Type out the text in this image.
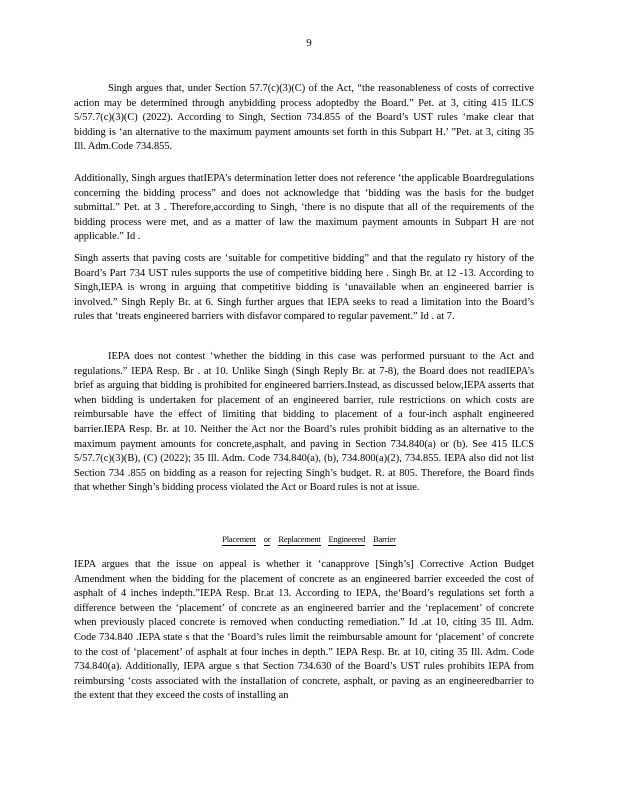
9

Singh argues that, under Section 57.7(c)(3)(C) of the Act, “the reasonableness of costs of corrective action may be determined through anybidding process adoptedby the Board.” Pet. at 3, citing 415 ILCS 5/57.7(c)(3)(C) (2022). According to Singh, Section 734.855 of the Board’s UST rules ‘make clear that bidding is ‘an alternative to the maximum payment amounts set forth in this Subpart H.’ ”Pet. at 3, citing 35 Ill. Adm.Code 734.855.

Additionally, Singh argues thatIEPA’s determination letter does not reference ‘the applicable Boardregulations concerning the bidding process” and does not acknowledge that ‘bidding was the basis for the budget submittal.” Pet. at 3 . Therefore,according to Singh, ‘there is no dispute that all of the requirements of the bidding process were met, and as a matter of law the maximum payment amounts in Subpart H are not applicable.” Id .

Singh asserts that paving costs are ‘suitable for competitive bidding” and that the regulato ry history of the Board’s Part 734 UST rules supports the use of competitive bidding here . Singh Br. at 12 -13. According to Singh,IEPA is wrong in arguing that competitive bidding is ‘unavailable when an engineered barrier is involved.” Singh Reply Br. at 6. Singh further argues that IEPA seeks to read a limitation into the Board’s rules that ‘treats engineered barriers with disfavor compared to regular pavement.” Id . at 7.

IEPA does not contest ‘whether the bidding in this case was performed pursuant to the Act and regulations.” IEPA Resp. Br . at 10. Unlike Singh (Singh Reply Br. at 7-8), the Board does not readIEPA’s brief as arguing that bidding is prohibited for engineered barriers.Instead, as discussed below,IEPA asserts that when bidding is undertaken for placement of an engineered barrier, rule restrictions on which costs are reimbursable have the effect of limiting that bidding to placement of a four-inch asphalt engineered barrier.IEPA Resp. Br. at 10. Neither the Act nor the Board’s rules prohibit bidding as an alternative to the maximum payment amounts for concrete,asphalt, and paving in Section 734.840(a) or (b). See 415 ILCS 5/57.7(c)(3)(B), (C) (2022); 35 Ill. Adm. Code 734.840(a), (b), 734.800(a)(2), 734.855. IEPA also did not list Section 734 .855 on bidding as a reason for rejecting Singh’s budget. R. at 805. Therefore, the Board finds that whether Singh’s bidding process violated the Act or Board rules is not at issue.

Placement or Replacement Engineered Barrier

IEPA argues that the issue on appeal is whether it ‘canapprove [Singh’s] Corrective Action Budget Amendment when the bidding for the placement of concrete as an engineered barrier exceeded the cost of asphalt of 4 inches indepth.”IEPA Resp. Br.at 13. According to IEPA, the‘Board’s regulations set forth a difference between the ‘placement’ of concrete as an engineered barrier and the ‘replacement’ of concrete when previously placed concrete is removed when conducting remediation.” Id .at 10, citing 35 Ill. Adm. Code 734.840 .IEPA state s that the ‘Board’s rules limit the reimbursable amount for ‘placement’ of concrete to the cost of ‘placement’ of asphalt at four inches in depth.” IEPA Resp. Br. at 10, citing 35 Ill. Adm. Code 734.840(a). Additionally, IEPA argue s that Section 734.630 of the Board’s UST rules prohibits IEPA from reimbursing ‘costs associated with the installation of concrete, asphalt, or paving as an engineeredbarrier to the extent that they exceed the costs of installing an
